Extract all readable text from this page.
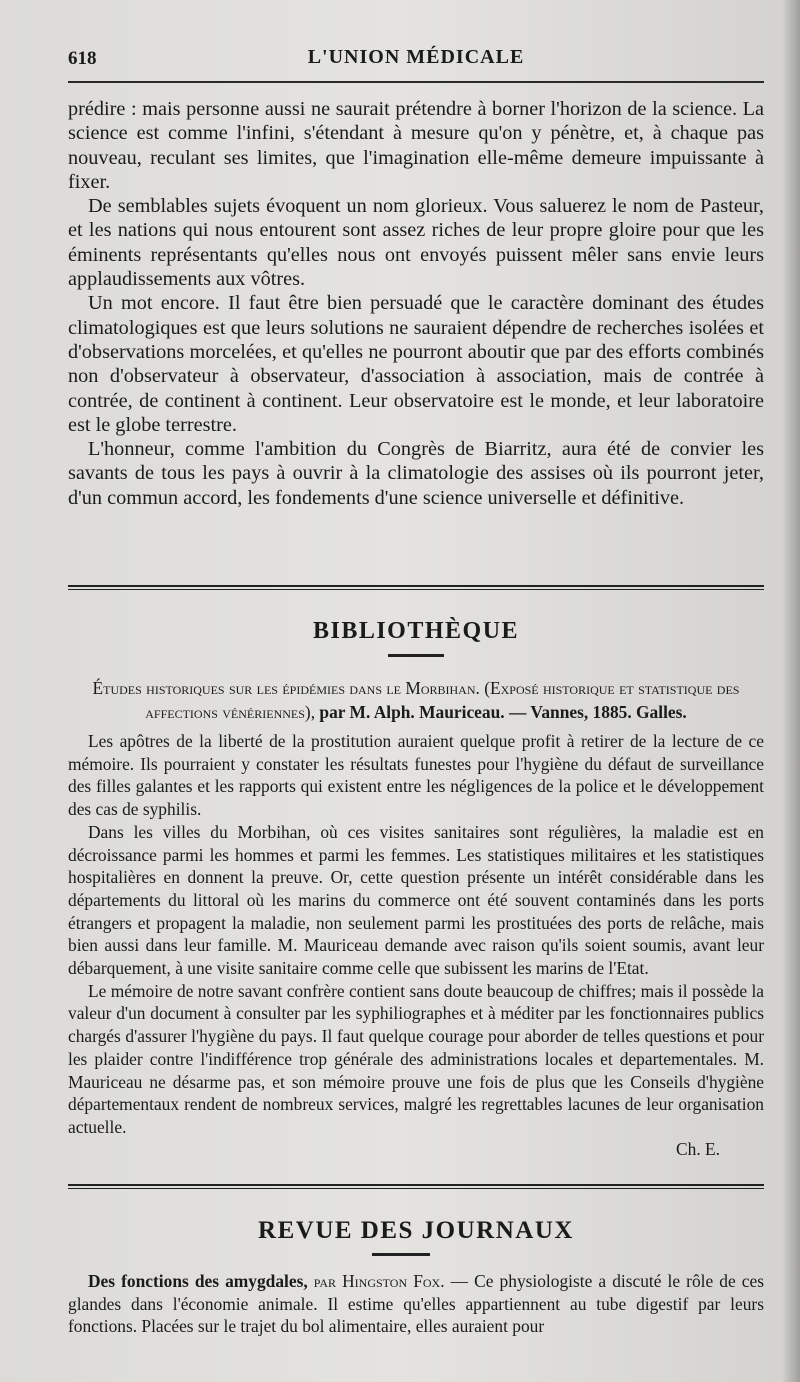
618	L'UNION MÉDICALE

prédire : mais personne aussi ne saurait prétendre à borner l'horizon de la science. La science est comme l'infini, s'étendant à mesure qu'on y pénètre, et, à chaque pas nouveau, reculant ses limites, que l'imagination elle-même demeure impuissante à fixer.

De semblables sujets évoquent un nom glorieux. Vous saluerez le nom de Pasteur, et les nations qui nous entourent sont assez riches de leur propre gloire pour que les éminents représentants qu'elles nous ont envoyés puissent mêler sans envie leurs applaudissements aux vôtres.

Un mot encore. Il faut être bien persuadé que le caractère dominant des études climatologiques est que leurs solutions ne sauraient dépendre de recherches isolées et d'observations morcelées, et qu'elles ne pourront aboutir que par des efforts combinés non d'observateur à observateur, d'association à association, mais de contrée à contrée, de continent à continent. Leur observatoire est le monde, et leur laboratoire est le globe terrestre.

L'honneur, comme l'ambition du Congrès de Biarritz, aura été de convier les savants de tous les pays à ouvrir à la climatologie des assises où ils pourront jeter, d'un commun accord, les fondements d'une science universelle et définitive.

BIBLIOTHÈQUE
Études historiques sur les épidémies dans le Morbihan. (Exposé historique et statistique des affections vénériennes), par M. Alph. Mauriceau. — Vannes, 1885. Galles.

Les apôtres de la liberté de la prostitution auraient quelque profit à retirer de la lecture de ce mémoire. Ils pourraient y constater les résultats funestes pour l'hygiène du défaut de surveillance des filles galantes et les rapports qui existent entre les négligences de la police et le développement des cas de syphilis.

Dans les villes du Morbihan, où ces visites sanitaires sont régulières, la maladie est en décroissance parmi les hommes et parmi les femmes. Les statistiques militaires et les statistiques hospitalières en donnent la preuve. Or, cette question présente un intérêt considérable dans les départements du littoral où les marins du commerce ont été souvent contaminés dans les ports étrangers et propagent la maladie, non seulement parmi les prostituées des ports de relâche, mais bien aussi dans leur famille. M. Mauriceau demande avec raison qu'ils soient soumis, avant leur débarquement, à une visite sanitaire comme celle que subissent les marins de l'Etat.

Le mémoire de notre savant confrère contient sans doute beaucoup de chiffres; mais il possède la valeur d'un document à consulter par les syphiliographes et à méditer par les fonctionnaires publics chargés d'assurer l'hygiène du pays. Il faut quelque courage pour aborder de telles questions et pour les plaider contre l'indifférence trop générale des administrations locales et departementales. M. Mauriceau ne désarme pas, et son mémoire prouve une fois de plus que les Conseils d'hygiène départementaux rendent de nombreux services, malgré les regrettables lacunes de leur organisation actuelle.

Ch. E.
REVUE DES JOURNAUX

Des fonctions des amygdales, par Hingston Fox. — Ce physiologiste a discuté le rôle de ces glandes dans l'économie animale. Il estime qu'elles appartiennent au tube digestif par leurs fonctions. Placées sur le trajet du bol alimentaire, elles auraient pour
